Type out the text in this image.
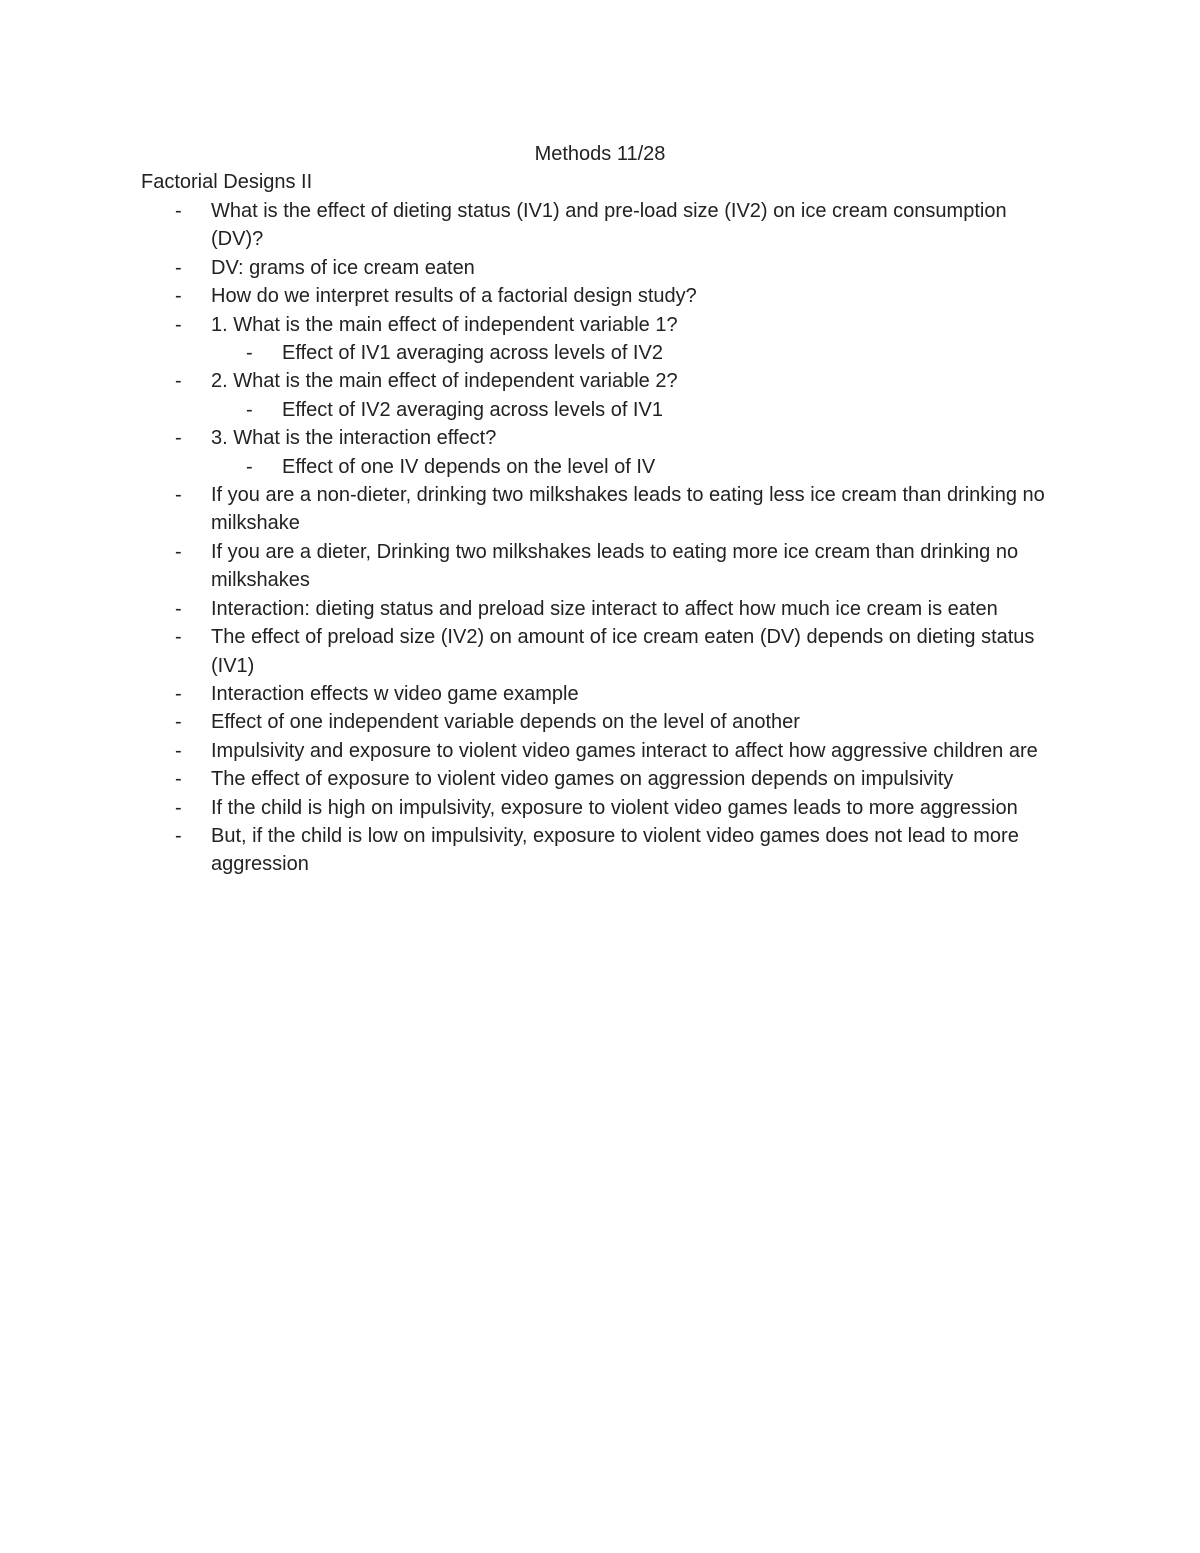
Methods 11/28
Factorial Designs II
- What is the effect of dieting status (IV1) and pre-load size (IV2) on ice cream consumption (DV)?
- DV: grams of ice cream eaten
- How do we interpret results of a factorial design study?
- 1. What is the main effect of independent variable 1?
- Effect of IV1 averaging across levels of IV2
- 2. What is the main effect of independent variable 2?
- Effect of IV2 averaging across levels of IV1
- 3. What is the interaction effect?
- Effect of one IV depends on the level of IV
- If you are a non-dieter, drinking two milkshakes leads to eating less ice cream than drinking no milkshake
- If you are a dieter, Drinking two milkshakes leads to eating more ice cream than drinking no milkshakes
- Interaction: dieting status and preload size interact to affect how much ice cream is eaten
- The effect of preload size (IV2) on amount of ice cream eaten (DV) depends on dieting status (IV1)
- Interaction effects w video game example
- Effect of one independent variable depends on the level of another
- Impulsivity and exposure to violent video games interact to affect how aggressive children are
- The effect of exposure to violent video games on aggression depends on impulsivity
- If the child is high on impulsivity, exposure to violent video games leads to more aggression
- But, if the child is low on impulsivity, exposure to violent video games does not lead to more aggression
